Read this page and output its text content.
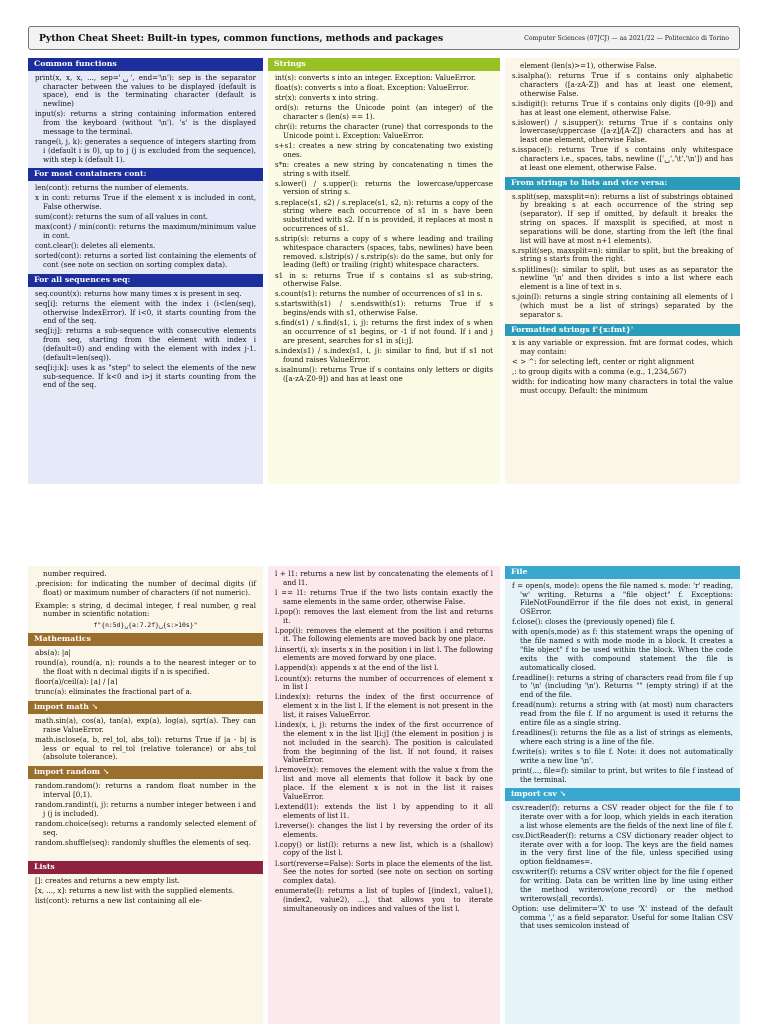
Python Cheat Sheet: Built-in types, common functions, methods and packages	Computer Sciences (07JCJ) — aa 2021/22 — Politecnico di Torino
Common functions
print(x, x, x, ..., sep='␣', end='\n'): sep is the separator character between the values to be displayed (default is space), end is the terminating character (default is newline)
input(s): returns a string containing information entered from the keyboard (without '\n'). 's' is the displayed message to the terminal.
range(i, j, k): generates a sequence of integers starting from i (default i is 0), up to j (j is excluded from the sequence), with step k (default 1).
For most containers cont:
len(cont): returns the number of elements.
x in cont: returns True if the element x is included in cont, False otherwise.
sum(cont): returns the sum of all values in cont.
max(cont) / min(cont): returns the maximum/minimum value in cont.
cont.clear(): deletes all elements.
sorted(cont): returns a sorted list containing the elements of cont (see note on section on sorting complex data).
For all sequences seq:
seq.count(x): returns how many times x is present in seq.
seq[i]: returns the element with the index i (i<len(seq), otherwise IndexError). If i<0, it starts counting from the end of the seq.
seq[i:j]: returns a sub-sequence with consecutive elements from seq, starting from the element with index i (default=0) and ending with the element with index j-1. (default=len(seq)).
seq[i:j:k]: uses k as "step" to select the elements of the new sub-sequence. If k<0 and i>j it starts counting from the end of the seq.
Strings
int(s): converts s into an integer. Exception: ValueError.
float(s): converts s into a float. Exception: ValueError.
str(x): converts x into string.
ord(s): returns the Unicode point (an integer) of the character s (len(s) == 1).
chr(i): returns the character (rune) that corresponds to the Unicode point i. Exception: ValueError.
s+s1: creates a new string by concatenating two existing ones.
s*n: creates a new string by concatenating n times the string s with itself.
s.lower() / s.upper(): returns the lowercase/uppercase version of string s.
s.replace(s1, s2) / s.replace(s1, s2, n): returns a copy of the string where each occurrence of s1 in s have been substituted with s2. If n is provided, it replaces at most n occurrences of s1.
s.strip(s): returns a copy of s where leading and trailing whitespace characters (spaces, tabs, newlines) have been removed. s.lstrip(s) / s.rstrip(s): do the same, but only for leading (left) or trailing (right) whitespace characters.
s1 in s: returns True if s contains s1 as sub-string, otherwise False.
s.count(s1): returns the number of occurrences of s1 in s.
s.startswith(s1) / s.endswith(s1): returns True if s begins/ends with s1, otherwise False.
s.find(s1) / s.find(s1, i, j): returns the first index of s when an occurrence of s1 begins, or -1 if not found. If i and j are present, searches for s1 in s[i:j].
s.index(s1) / s.index(s1, i, j): similar to find, but if s1 not found raises ValueError.
s.isalnum(): returns True if s contains only letters or digits ([a-zA-Z0-9]) and has at least one
element (len(s)>=1), otherwise False.
s.isalpha(): returns True if s contains only alphabetic characters ([a-zA-Z]) and has at least one element, otherwise False.
s.isdigit(): returns True if s contains only digits ([0-9]) and has at least one element, otherwise False.
s.islower() / s.isupper(): returns True if s contains only lowercase/uppercase ([a-z]/[A-Z]) characters and has at least one element, otherwise False.
s.isspace(): returns True if s contains only whitespace characters i.e., spaces, tabs, newline (['␣','\t','\n']) and has at least one element, otherwise False.
From strings to lists and vice versa:
s.split(sep, maxsplit=n): returns a list of substrings obtained by breaking s at each occurrence of the string sep (separator). If sep if omitted, by default it breaks the string on spaces. If maxsplit is specified, at most n separations will be done, starting from the left (the final list will have at most n+1 elements).
s.rsplit(sep, maxsplit=n): similar to split, but the breaking of string s starts from the right.
s.splitlines(): similar to split, but uses as as separator the newline '\n' and then divides s into a list where each element is a line of text in s.
s.join(l): returns a single string containing all elements of l (which must be a list of strings) separated by the separator s.
Formatted strings f'{x:fmt}'
x is any variable or expression. fmt are format codes, which may contain:
< > ^: for selecting left, center or right alignment
,: to group digits with a comma (e.g., 1,234,567)
width: for indicating how many characters in total the value must occupy. Default: the minimum
number required.
.precision: for indicating the number of decimal digits (if float) or maximum number of characters (if not numeric).
Example: s string, d decimal integer, f real number, g real number in scientific notation:
f"{n:5d}␣{a:7.2f}␣{s:>10s}"
Mathematics
abs(a): |a|
round(a), round(a, n): rounds a to the nearest integer or to the float with n decimal digits if n is specified.
floor(a)/ceil(a): ⌊a⌋ / ⌈a⌉
trunc(a): eliminates the fractional part of a.
import math ↘
math.sin(a), cos(a), tan(a), exp(a), log(a), sqrt(a). They can raise ValueError.
math.isclose(a, b, rel_tol, abs_tol): returns True if |a - b| is less or equal to rel_tol (relative tolerance) or abs_tol (absolute tolerance).
import random ↘
random.random(): returns a random float number in the interval [0,1).
random.randint(i, j): returns a number integer between i and j (j is included).
random.choice(seq): returns a randomly selected element of seq.
random.shuffle(seq): randomly shuffles the elements of seq.
Lists
[]: creates and returns a new empty list.
[x, ..., x]: returns a new list with the supplied elements.
list(cont): returns a new list containing all ele-
l + l1: returns a new list by concatenating the elements of l and l1.
l == l1: returns True if the two lists contain exactly the same elements in the same order, otherwise False.
l.pop(): removes the last element from the list and returns it.
l.pop(i): removes the element at the position i and returns it. The following elements are moved back by one place.
l.insert(i, x): inserts x in the position i in list l. The following elements are moved forward by one place.
l.append(x): appends x at the end of the list l.
l.count(x): returns the number of occurrences of element x in list l
l.index(x): returns the index of the first occurrence of element x in the list l. If the element is not present in the list, it raises ValueError.
l.index(x, i, j): returns the index of the first occurrence of the element x in the list l[i:j] (the element in position j is not included in the search). The position is calculated from the beginning of the list. If not found, it raises ValueError.
l.remove(x): removes the element with the value x from the list and move all elements that follow it back by one place. If the element x is not in the list it raises ValueError.
l.extend(l1): extends the list l by appending to it all elements of list l1.
l.reverse(): changes the list l by reversing the order of its elements.
l.copy() or list(l): returns a new list, which is a (shallow) copy of the list l.
l.sort(reverse=False): Sorts in place the elements of the list. See the notes for sorted (see note on section on sorting complex data).
enumerate(l): returns a list of tuples of [(index1, value1), (index2, value2), ...], that allows you to iterate simultaneously on indices and values of the list l.
File
f = open(s, mode): opens the file named s. mode: 'r' reading, 'w' writing. Returns a "file object" f. Exceptions: FileNotFoundError if the file does not exist, in general OSError.
f.close(): closes the (previously opened) file f.
with open(s,mode) as f: this statement wraps the opening of the file named s with mode mode in a block. It creates a "file object" f to be used within the block. When the code exits the with compound statement the file is automatically closed.
f.readline(): returns a string of characters read from file f up to '\n' (including '\n'). Returns "" (empty string) if at the end of the file.
f.read(num): returns a string with (at most) num characters read from the file f. If no argument is used it returns the entire file as a single string.
f.readlines(): returns the file as a list of strings as elements, where each string is a line of the file.
f.write(s): writes s to file f. Note: it does not automatically write a new line '\n'.
print(..., file=f): similar to print, but writes to file f instead of the terminal.
import csv ↘
csv.reader(f): returns a CSV reader object for the file f to iterate over with a for loop, which yields in each iteration a list whose elements are the fields of the next line of file f.
csv.DictReader(f): returns a CSV dictionary reader object to iterate over with a for loop. The keys are the field names in the very first line of the file, unless specified using option fieldnames=.
csv.writer(f): returns a CSV writer object for the file f opened for writing. Data can be written line by line using either the method writerow(one_record) or the method writerows(all_records).
Option: use delimiter='X' to use 'X' instead of the default comma ',' as a field separator. Useful for some Italian CSV that uses semicolon instead of
